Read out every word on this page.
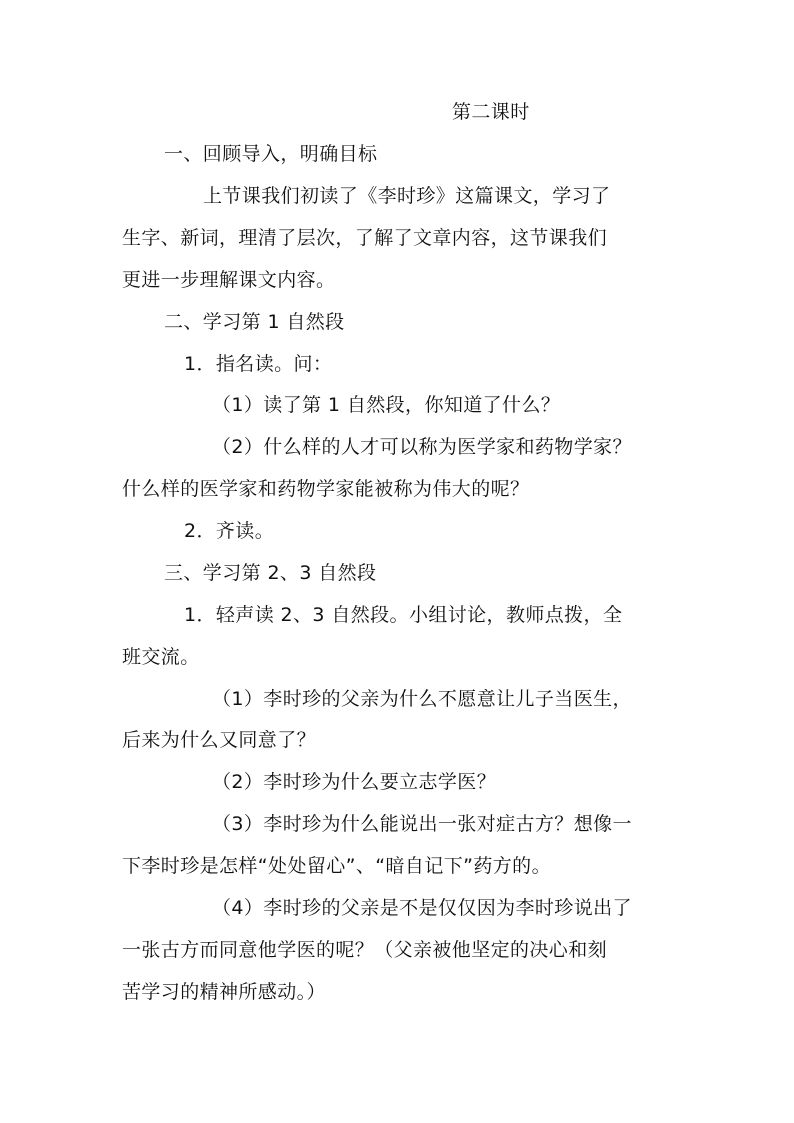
第二课时
一、回顾导入，明确目标
上节课我们初读了《李时珍》这篇课文，学习了
生字、新词，理清了层次，了解了文章内容，这节课我们
更进一步理解课文内容。
二、学习第 1 自然段
1．指名读。问：
（1）读了第 1 自然段，你知道了什么？
（2）什么样的人才可以称为医学家和药物学家？
什么样的医学家和药物学家能被称为伟大的呢？
2．齐读。
三、学习第 2、3 自然段
1．轻声读 2、3 自然段。小组讨论，教师点拨，全
班交流。
（1）李时珍的父亲为什么不愿意让儿子当医生，
后来为什么又同意了？
（2）李时珍为什么要立志学医？
（3）李时珍为什么能说出一张对症古方？想像一
下李时珍是怎样“处处留心”、“暗自记下”药方的。
（4）李时珍的父亲是不是仅仅因为李时珍说出了
一张古方而同意他学医的呢？（父亲被他坚定的决心和刻
苦学习的精神所感动。）
